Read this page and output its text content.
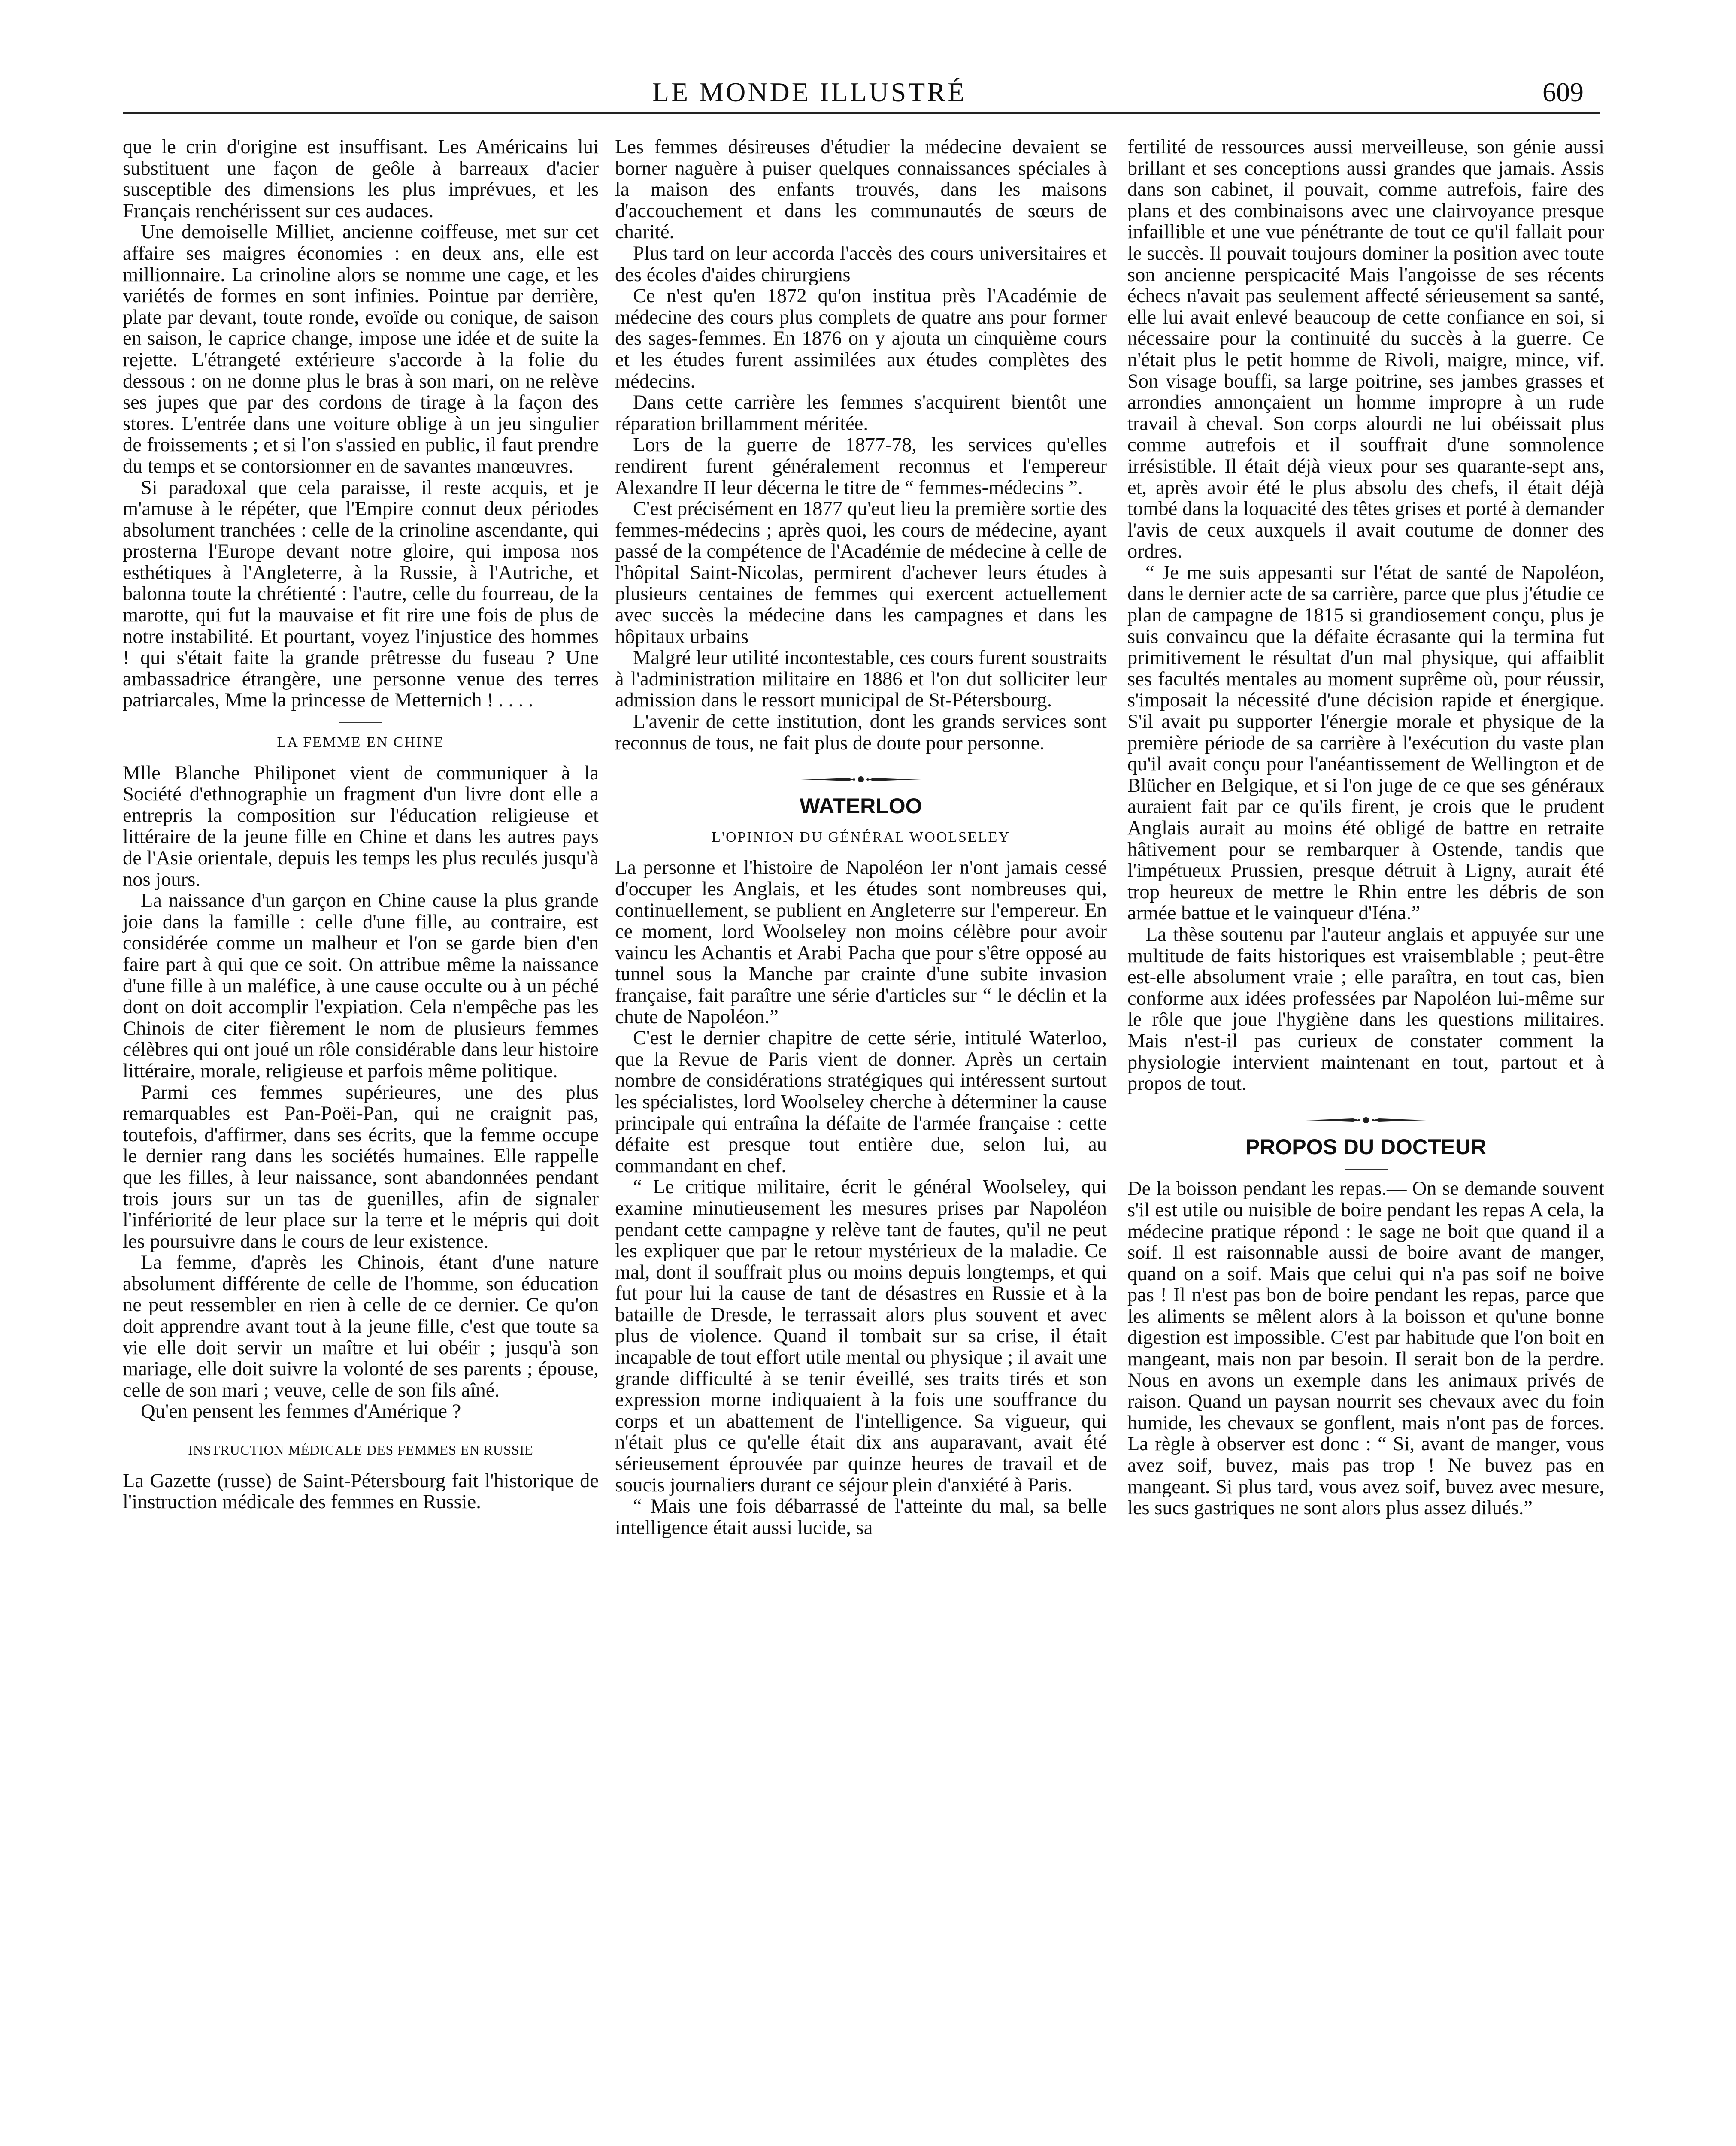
LE MONDE ILLUSTRÉ	609

que le crin d'origine est insuffisant. Les Américains lui substituent une façon de geôle à barreaux d'acier susceptible des dimensions les plus imprévues, et les Français renchérissent sur ces audaces.

Une demoiselle Milliet, ancienne coiffeuse, met sur cet affaire ses maigres économies : en deux ans, elle est millionnaire. La crinoline alors se nomme une cage, et les variétés de formes en sont infinies. Pointue par derrière, plate par devant, toute ronde, evoïde ou conique, de saison en saison, le caprice change, impose une idée et de suite la rejette. L'étrangeté extérieure s'accorde à la folie du dessous : on ne donne plus le bras à son mari, on ne relève ses jupes que par des cordons de tirage à la façon des stores. L'entrée dans une voiture oblige à un jeu singulier de froissements ; et si l'on s'assied en public, il faut prendre du temps et se contorsionner en de savantes manœuvres.

Si paradoxal que cela paraisse, il reste acquis, et je m'amuse à le répéter, que l'Empire connut deux périodes absolument tranchées : celle de la crinoline ascendante, qui prosterna l'Europe devant notre gloire, qui imposa nos esthétiques à l'Angleterre, à la Russie, à l'Autriche, et balonna toute la chrétienté : l'autre, celle du fourreau, de la marotte, qui fut la mauvaise et fit rire une fois de plus de notre instabilité. Et pourtant, voyez l'injustice des hommes ! qui s'était faite la grande prêtresse du fuseau ? Une ambassadrice étrangère, une personne venue des terres patriarcales, Mme la princesse de Metternich ! . . . .

LA FEMME EN CHINE

Mlle Blanche Philiponet vient de communiquer à la Société d'ethnographie un fragment d'un livre dont elle a entrepris la composition sur l'éducation religieuse et littéraire de la jeune fille en Chine et dans les autres pays de l'Asie orientale, depuis les temps les plus reculés jusqu'à nos jours.

La naissance d'un garçon en Chine cause la plus grande joie dans la famille : celle d'une fille, au contraire, est considérée comme un malheur et l'on se garde bien d'en faire part à qui que ce soit. On attribue même la naissance d'une fille à un maléfice, à une cause occulte ou à un péché dont on doit accomplir l'expiation. Cela n'empêche pas les Chinois de citer fièrement le nom de plusieurs femmes célèbres qui ont joué un rôle considérable dans leur histoire littéraire, morale, religieuse et parfois même politique.

Parmi ces femmes supérieures, une des plus remarquables est Pan-Poëi-Pan, qui ne craignit pas, toutefois, d'affirmer, dans ses écrits, que la femme occupe le dernier rang dans les sociétés humaines. Elle rappelle que les filles, à leur naissance, sont abandonnées pendant trois jours sur un tas de guenilles, afin de signaler l'infériorité de leur place sur la terre et le mépris qui doit les poursuivre dans le cours de leur existence.

La femme, d'après les Chinois, étant d'une nature absolument différente de celle de l'homme, son éducation ne peut ressembler en rien à celle de ce dernier. Ce qu'on doit apprendre avant tout à la jeune fille, c'est que toute sa vie elle doit servir un maître et lui obéir ; jusqu'à son mariage, elle doit suivre la volonté de ses parents ; épouse, celle de son mari ; veuve, celle de son fils aîné.

Qu'en pensent les femmes d'Amérique ?

INSTRUCTION MÉDICALE DES FEMMES EN RUSSIE

La Gazette (russe) de Saint-Pétersbourg fait l'historique de l'instruction médicale des femmes en Russie.

Les femmes désireuses d'étudier la médecine devaient se borner naguère à puiser quelques connaissances spéciales à la maison des enfants trouvés, dans les maisons d'accouchement et dans les communautés de sœurs de charité.

Plus tard on leur accorda l'accès des cours universitaires et des écoles d'aides chirurgiens

Ce n'est qu'en 1872 qu'on institua près l'Académie de médecine des cours plus complets de quatre ans pour former des sages-femmes. En 1876 on y ajouta un cinquième cours et les études furent assimilées aux études complètes des médecins.

Dans cette carrière les femmes s'acquirent bientôt une réparation brillamment méritée.

Lors de la guerre de 1877-78, les services qu'elles rendirent furent généralement reconnus et l'empereur Alexandre II leur décerna le titre de “ femmes-médecins ”.

C'est précisément en 1877 qu'eut lieu la première sortie des femmes-médecins ; après quoi, les cours de médecine, ayant passé de la compétence de l'Académie de médecine à celle de l'hôpital Saint-Nicolas, permirent d'achever leurs études à plusieurs centaines de femmes qui exercent actuellement avec succès la médecine dans les campagnes et dans les hôpitaux urbains

Malgré leur utilité incontestable, ces cours furent soustraits à l'administration militaire en 1886 et l'on dut solliciter leur admission dans le ressort municipal de St-Pétersbourg.

L'avenir de cette institution, dont les grands services sont reconnus de tous, ne fait plus de doute pour personne.

WATERLOO
L'OPINION DU GÉNÉRAL WOOLSELEY

La personne et l'histoire de Napoléon Ier n'ont jamais cessé d'occuper les Anglais, et les études sont nombreuses qui, continuellement, se publient en Angleterre sur l'empereur. En ce moment, lord Woolseley non moins célèbre pour avoir vaincu les Achantis et Arabi Pacha que pour s'être opposé au tunnel sous la Manche par crainte d'une subite invasion française, fait paraître une série d'articles sur “ le déclin et la chute de Napoléon.”

C'est le dernier chapitre de cette série, intitulé Waterloo, que la Revue de Paris vient de donner. Après un certain nombre de considérations stratégiques qui intéressent surtout les spécialistes, lord Woolseley cherche à déterminer la cause principale qui entraîna la défaite de l'armée française : cette défaite est presque tout entière due, selon lui, au commandant en chef.

“ Le critique militaire, écrit le général Woolseley, qui examine minutieusement les mesures prises par Napoléon pendant cette campagne y relève tant de fautes, qu'il ne peut les expliquer que par le retour mystérieux de la maladie. Ce mal, dont il souffrait plus ou moins depuis longtemps, et qui fut pour lui la cause de tant de désastres en Russie et à la bataille de Dresde, le terrassait alors plus souvent et avec plus de violence. Quand il tombait sur sa crise, il était incapable de tout effort utile mental ou physique ; il avait une grande difficulté à se tenir éveillé, ses traits tirés et son expression morne indiquaient à la fois une souffrance du corps et un abattement de l'intelligence. Sa vigueur, qui n'était plus ce qu'elle était dix ans auparavant, avait été sérieusement éprouvée par quinze heures de travail et de soucis journaliers durant ce séjour plein d'anxiété à Paris.

“ Mais une fois débarrassé de l'atteinte du mal, sa belle intelligence était aussi lucide, sa

fertilité de ressources aussi merveilleuse, son génie aussi brillant et ses conceptions aussi grandes que jamais. Assis dans son cabinet, il pouvait, comme autrefois, faire des plans et des combinaisons avec une clairvoyance presque infaillible et une vue pénétrante de tout ce qu'il fallait pour le succès. Il pouvait toujours dominer la position avec toute son ancienne perspicacité Mais l'angoisse de ses récents échecs n'avait pas seulement affecté sérieusement sa santé, elle lui avait enlevé beaucoup de cette confiance en soi, si nécessaire pour la continuité du succès à la guerre. Ce n'était plus le petit homme de Rivoli, maigre, mince, vif. Son visage bouffi, sa large poitrine, ses jambes grasses et arrondies annonçaient un homme impropre à un rude travail à cheval. Son corps alourdi ne lui obéissait plus comme autrefois et il souffrait d'une somnolence irrésistible. Il était déjà vieux pour ses quarante-sept ans, et, après avoir été le plus absolu des chefs, il était déjà tombé dans la loquacité des têtes grises et porté à demander l'avis de ceux auxquels il avait coutume de donner des ordres.

“ Je me suis appesanti sur l'état de santé de Napoléon, dans le dernier acte de sa carrière, parce que plus j'étudie ce plan de campagne de 1815 si grandiosement conçu, plus je suis convaincu que la défaite écrasante qui la termina fut primitivement le résultat d'un mal physique, qui affaiblit ses facultés mentales au moment suprême où, pour réussir, s'imposait la nécessité d'une décision rapide et énergique. S'il avait pu supporter l'énergie morale et physique de la première période de sa carrière à l'exécution du vaste plan qu'il avait conçu pour l'anéantissement de Wellington et de Blücher en Belgique, et si l'on juge de ce que ses généraux auraient fait par ce qu'ils firent, je crois que le prudent Anglais aurait au moins été obligé de battre en retraite hâtivement pour se rembarquer à Ostende, tandis que l'impétueux Prussien, presque détruit à Ligny, aurait été trop heureux de mettre le Rhin entre les débris de son armée battue et le vainqueur d'Iéna.”

La thèse soutenu par l'auteur anglais et appuyée sur une multitude de faits historiques est vraisemblable ; peut-être est-elle absolument vraie ; elle paraîtra, en tout cas, bien conforme aux idées professées par Napoléon lui-même sur le rôle que joue l'hygiène dans les questions militaires. Mais n'est-il pas curieux de constater comment la physiologie intervient maintenant en tout, partout et à propos de tout.

PROPOS DU DOCTEUR

De la boisson pendant les repas.— On se demande souvent s'il est utile ou nuisible de boire pendant les repas A cela, la médecine pratique répond : le sage ne boit que quand il a soif. Il est raisonnable aussi de boire avant de manger, quand on a soif. Mais que celui qui n'a pas soif ne boive pas ! Il n'est pas bon de boire pendant les repas, parce que les aliments se mêlent alors à la boisson et qu'une bonne digestion est impossible. C'est par habitude que l'on boit en mangeant, mais non par besoin. Il serait bon de la perdre. Nous en avons un exemple dans les animaux privés de raison. Quand un paysan nourrit ses chevaux avec du foin humide, les chevaux se gonflent, mais n'ont pas de forces. La règle à observer est donc : “ Si, avant de manger, vous avez soif, buvez, mais pas trop ! Ne buvez pas en mangeant. Si plus tard, vous avez soif, buvez avec mesure, les sucs gastriques ne sont alors plus assez dilués.”
